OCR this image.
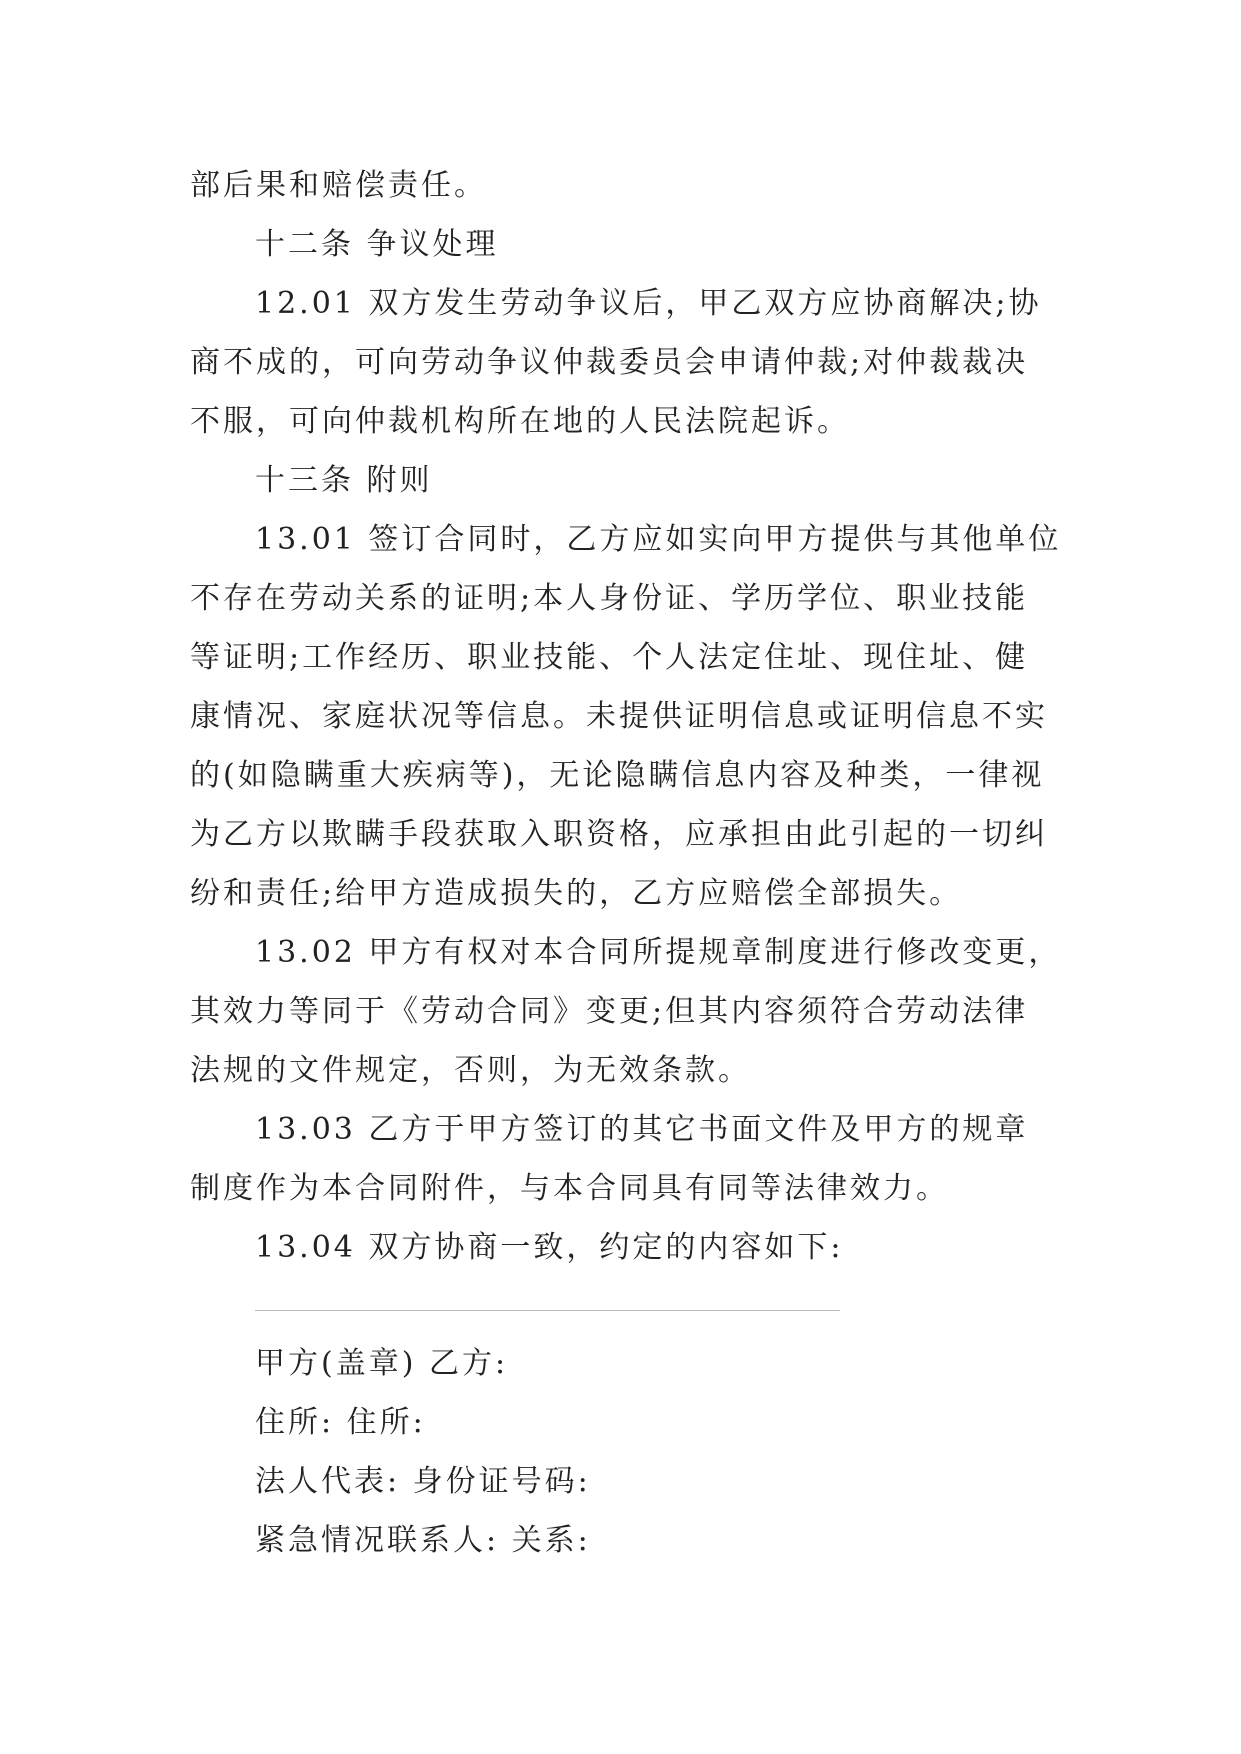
部后果和赔偿责任。
十二条 争议处理
12.01 双方发生劳动争议后，甲乙双方应协商解决;协
商不成的，可向劳动争议仲裁委员会申请仲裁;对仲裁裁决
不服，可向仲裁机构所在地的人民法院起诉。
十三条 附则
13.01 签订合同时，乙方应如实向甲方提供与其他单位
不存在劳动关系的证明;本人身份证、学历学位、职业技能
等证明;工作经历、职业技能、个人法定住址、现住址、健
康情况、家庭状况等信息。未提供证明信息或证明信息不实
的(如隐瞒重大疾病等)，无论隐瞒信息内容及种类，一律视
为乙方以欺瞒手段获取入职资格，应承担由此引起的一切纠
纷和责任;给甲方造成损失的，乙方应赔偿全部损失。
13.02 甲方有权对本合同所提规章制度进行修改变更，
其效力等同于《劳动合同》变更;但其内容须符合劳动法律
法规的文件规定，否则，为无效条款。
13.03 乙方于甲方签订的其它书面文件及甲方的规章
制度作为本合同附件，与本合同具有同等法律效力。
13.04 双方协商一致，约定的内容如下:
甲方(盖章) 乙方:
住所: 住所:
法人代表: 身份证号码:
紧急情况联系人: 关系:
